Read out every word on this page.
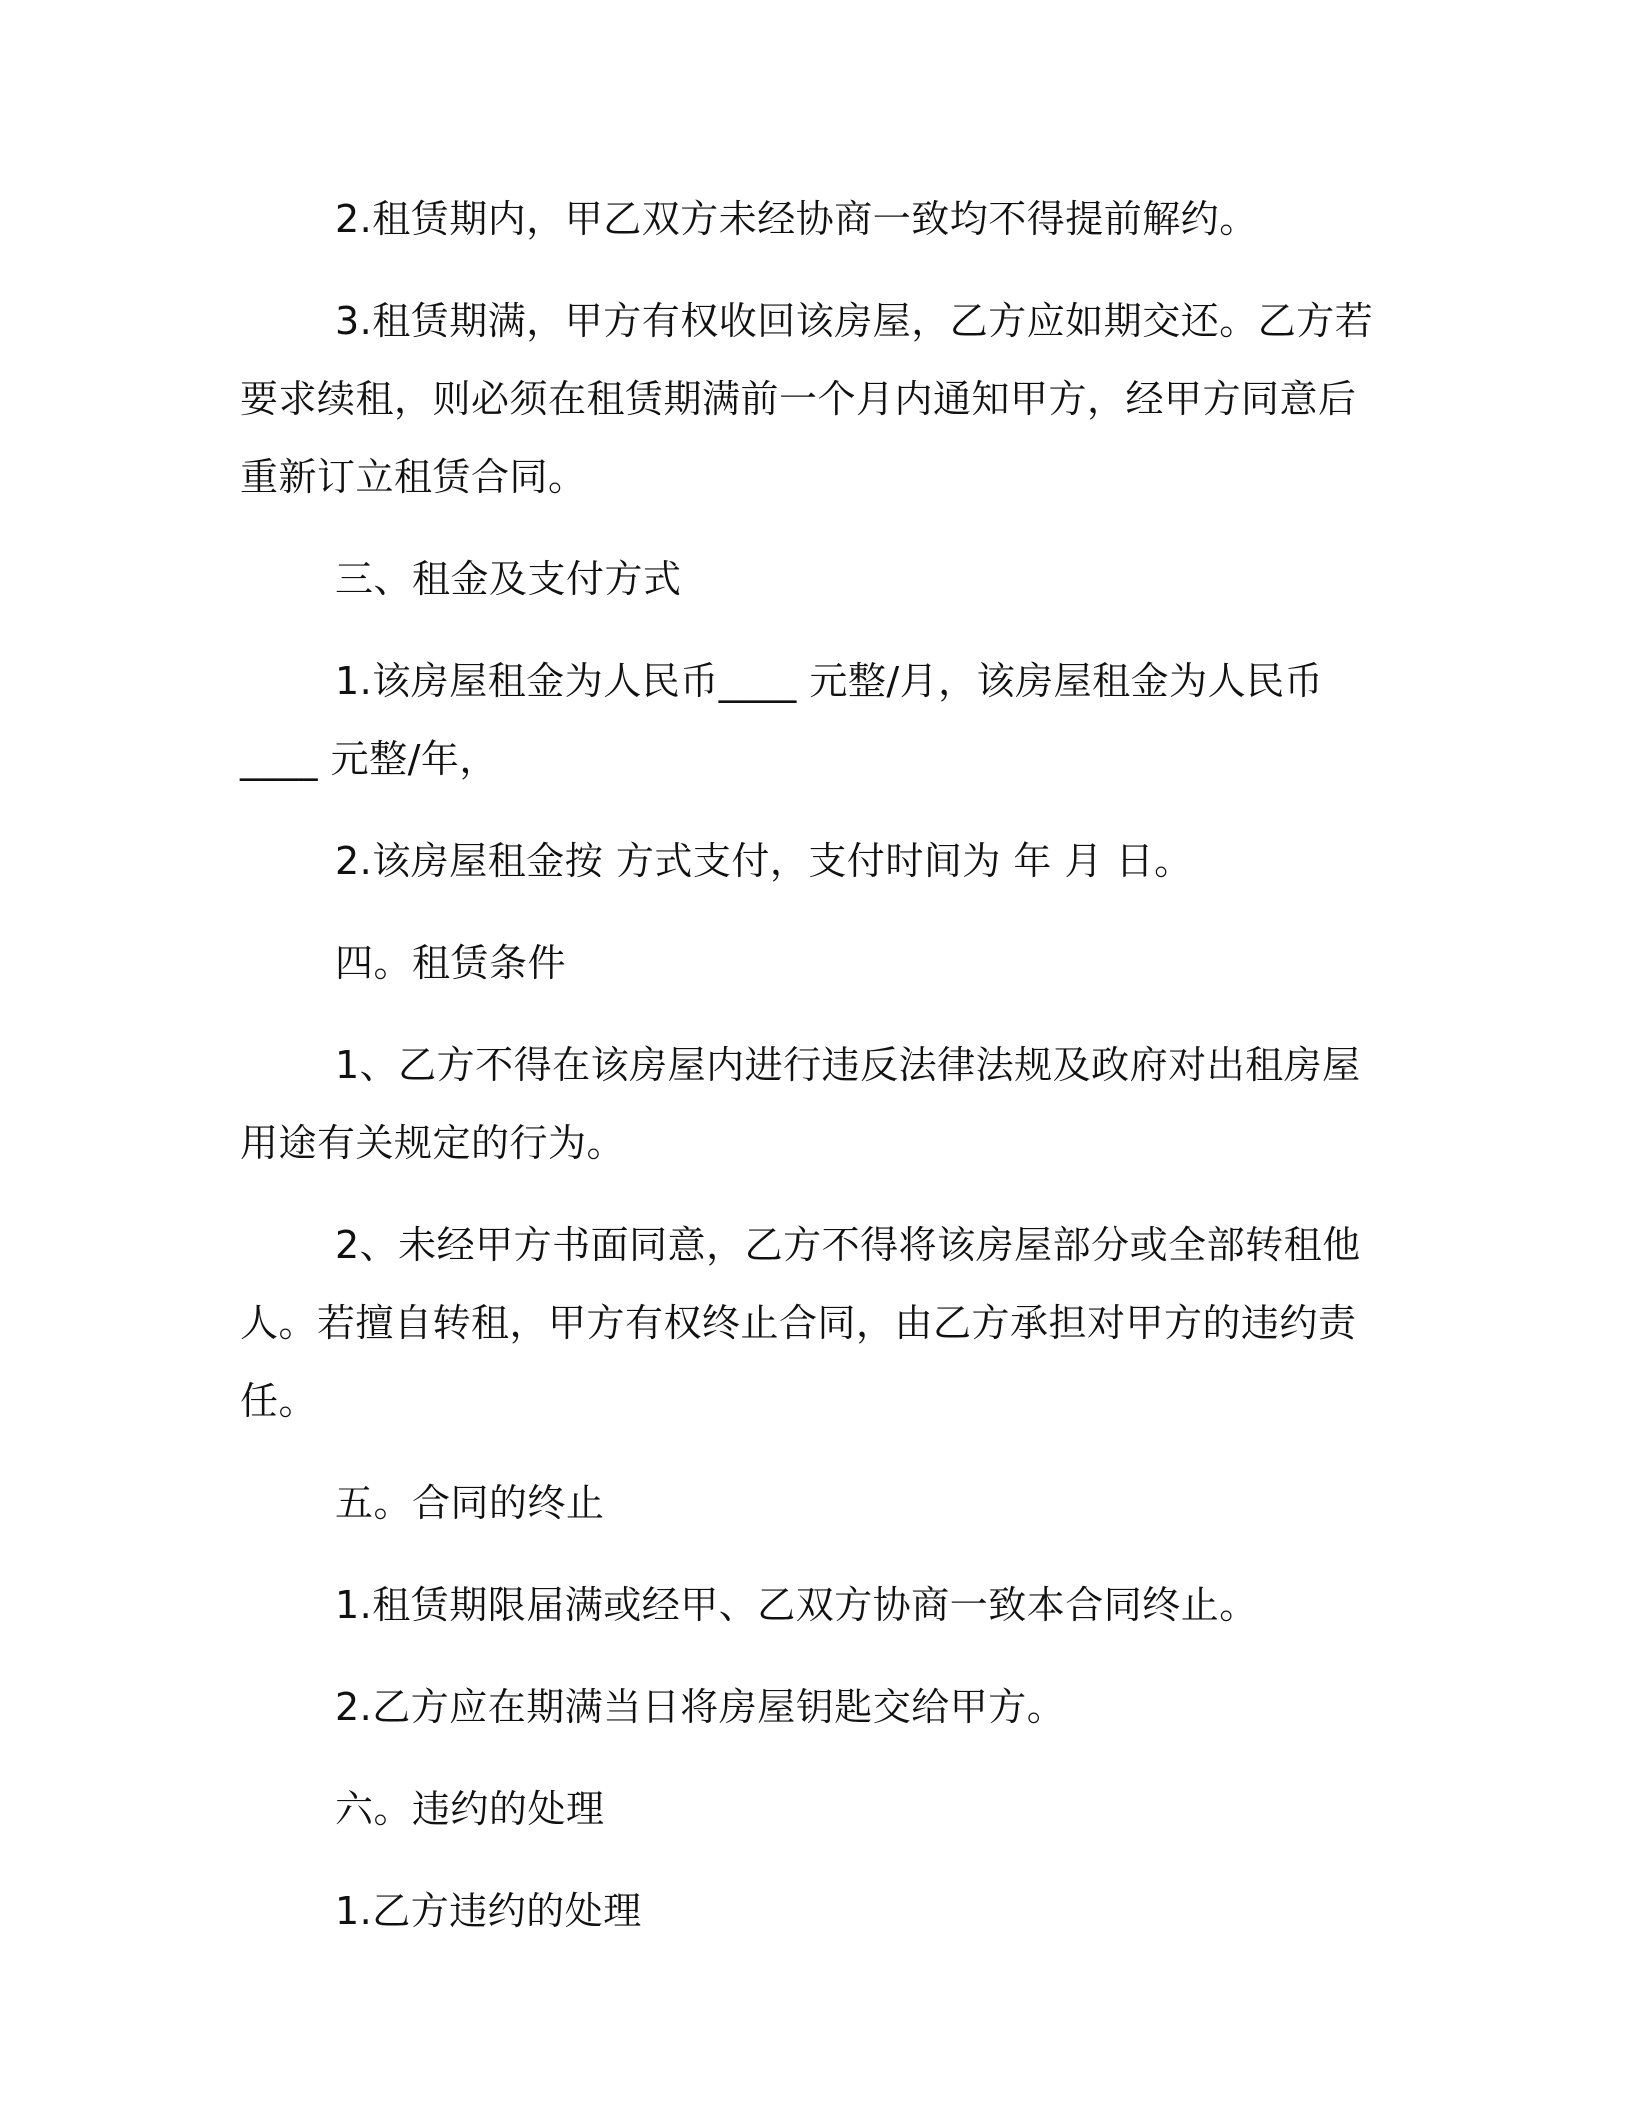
2.租赁期内，甲乙双方未经协商一致均不得提前解约。

3.租赁期满，甲方有权收回该房屋，乙方应如期交还。乙方若要求续租，则必须在租赁期满前一个月内通知甲方，经甲方同意后重新订立租赁合同。

三、租金及支付方式

1.该房屋租金为人民币____ 元整/月，该房屋租金为人民币____ 元整/年，

2.该房屋租金按 方式支付，支付时间为 年 月 日。

四。租赁条件

1、乙方不得在该房屋内进行违反法律法规及政府对出租房屋用途有关规定的行为。

2、未经甲方书面同意，乙方不得将该房屋部分或全部转租他人。若擅自转租，甲方有权终止合同，由乙方承担对甲方的违约责任。

五。合同的终止

1.租赁期限届满或经甲、乙双方协商一致本合同终止。

2.乙方应在期满当日将房屋钥匙交给甲方。

六。违约的处理

1.乙方违约的处理
